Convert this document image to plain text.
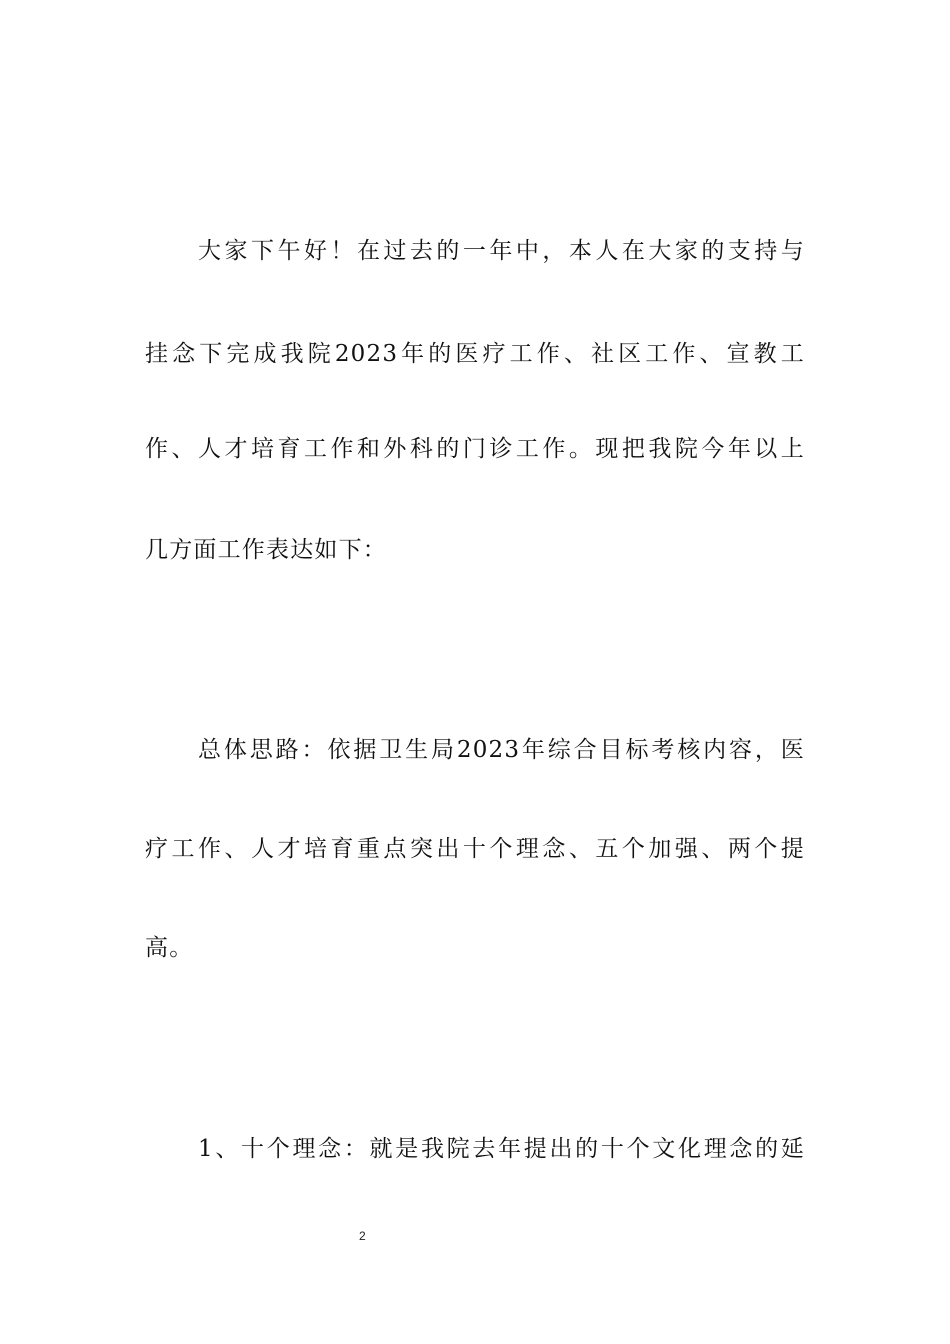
大家下午好！在过去的一年中，本人在大家的支持与
挂念下完成我院2023年的医疗工作、社区工作、宣教工
作、人才培育工作和外科的门诊工作。现把我院今年以上
几方面工作表达如下：
总体思路：依据卫生局2023年综合目标考核内容，医
疗工作、人才培育重点突出十个理念、五个加强、两个提
高。
1、十个理念：就是我院去年提出的十个文化理念的延
2
